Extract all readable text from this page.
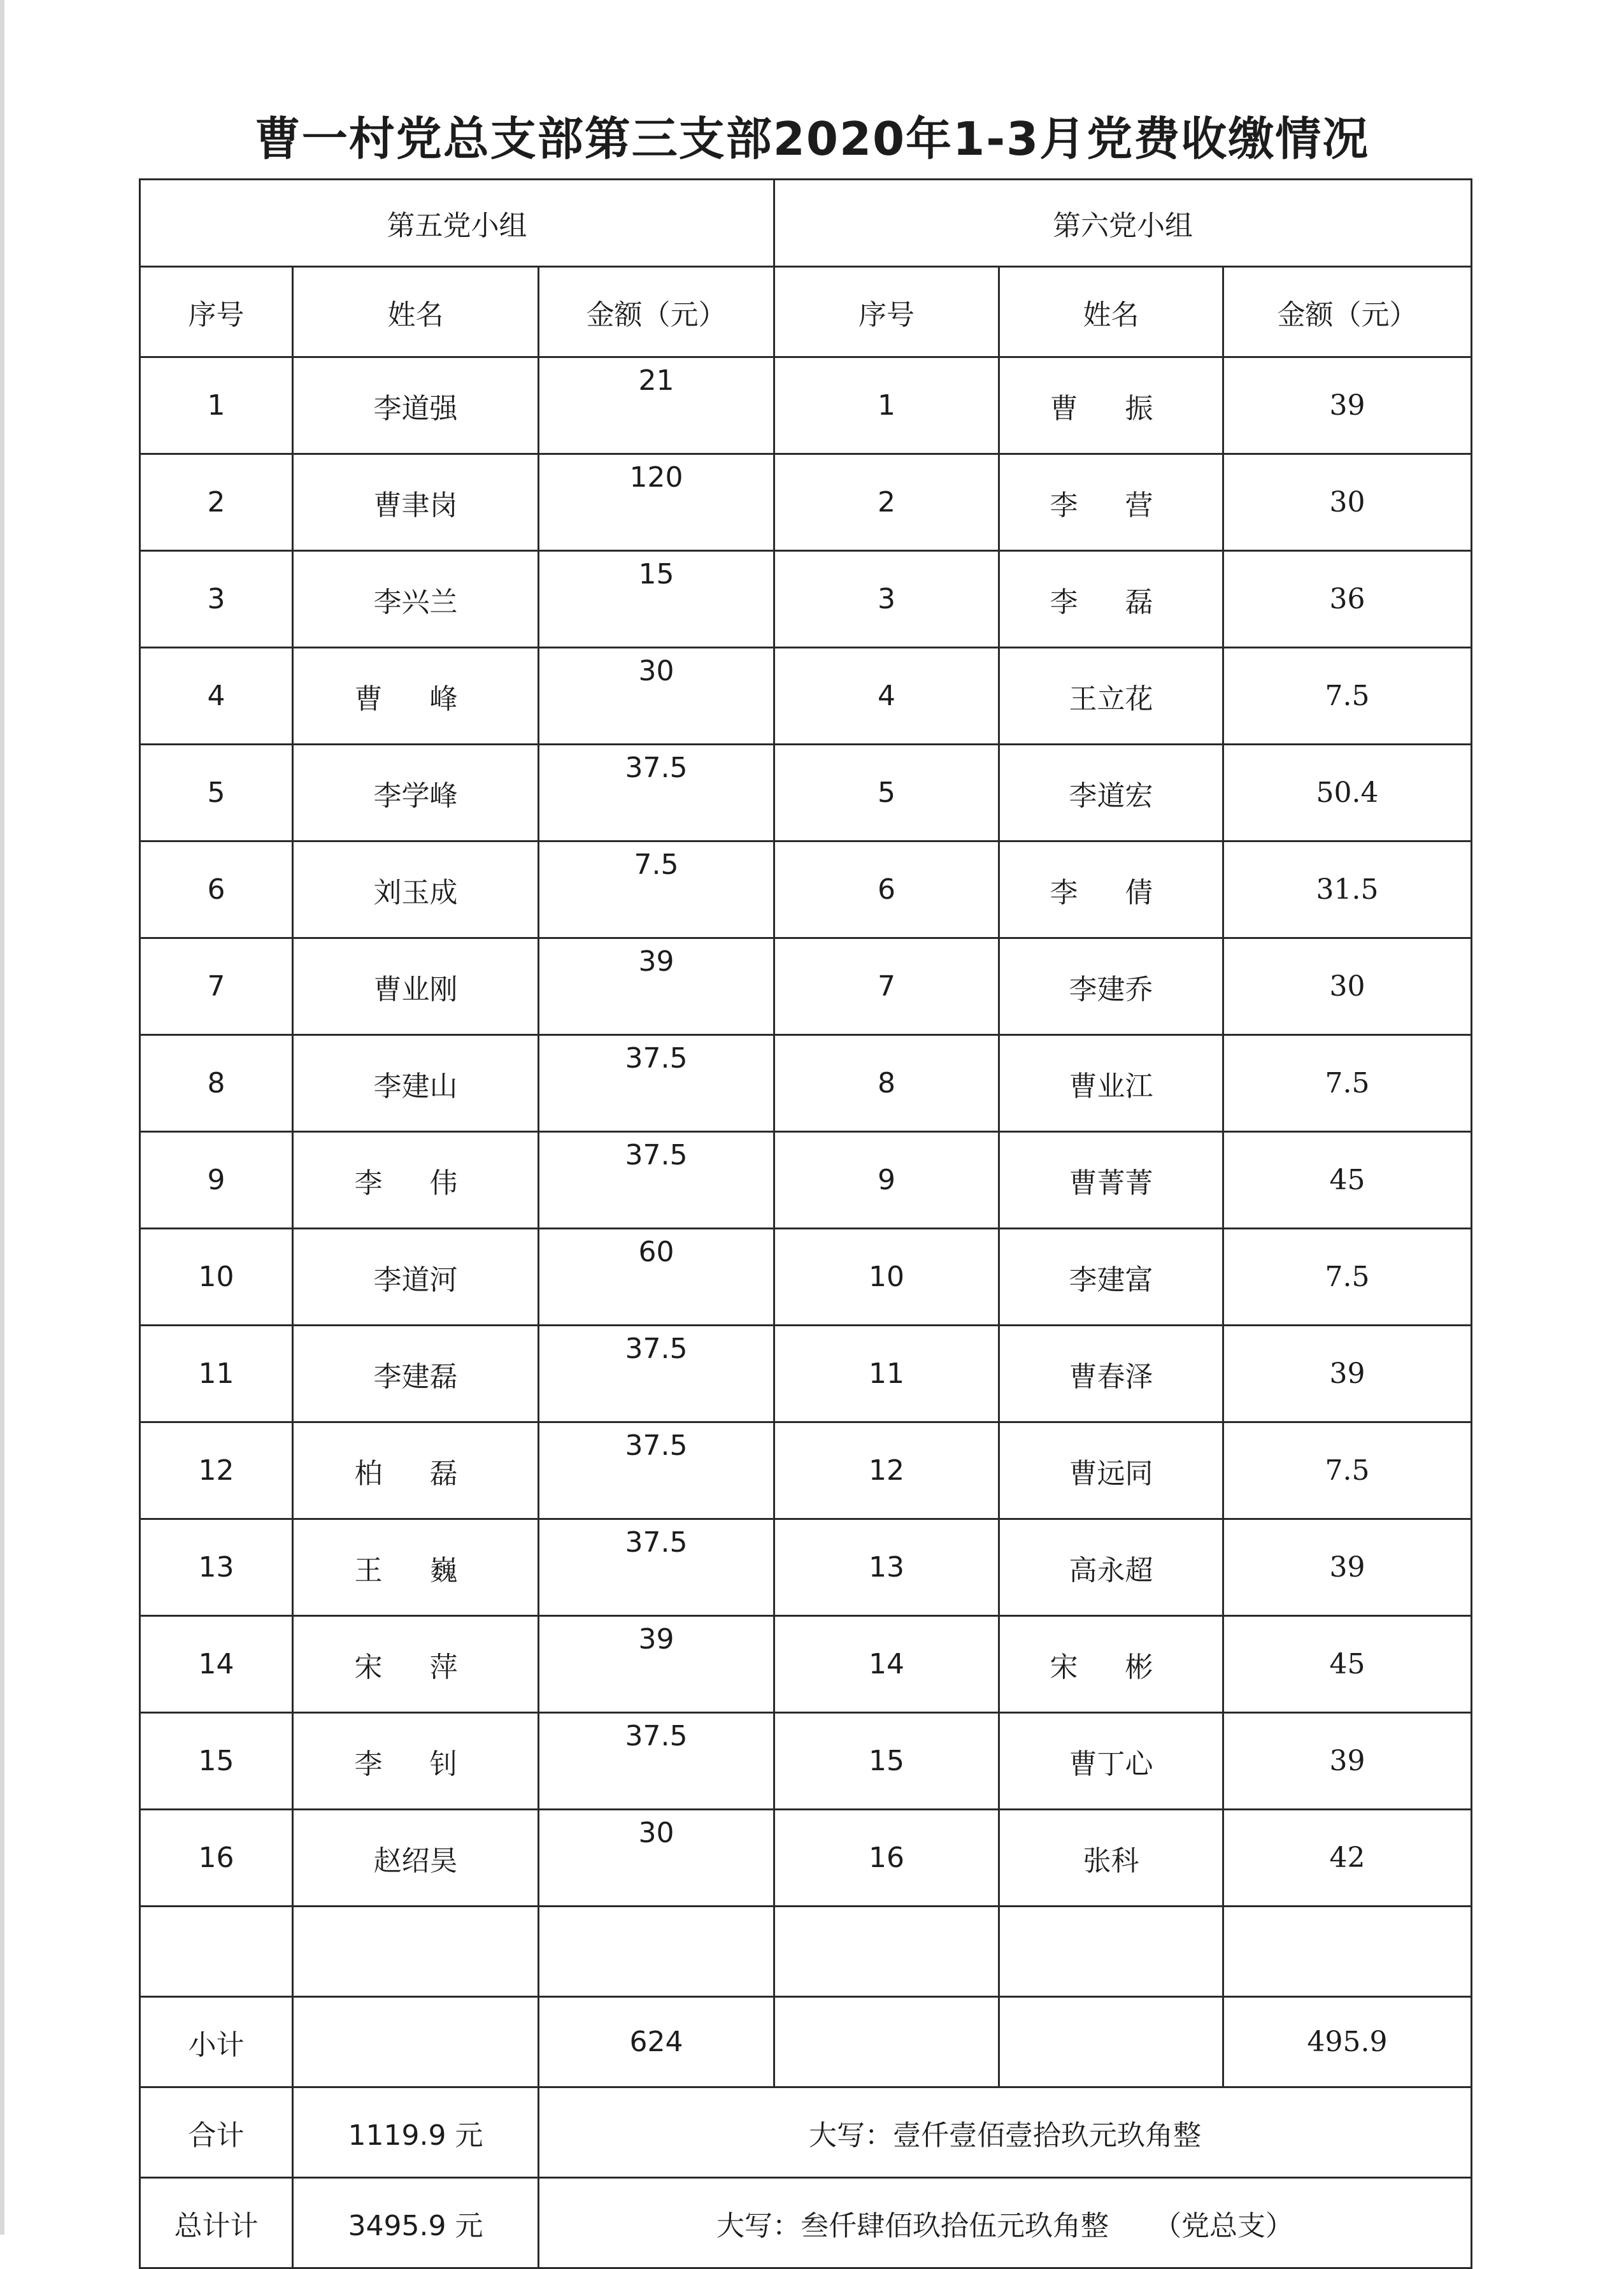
曹一村党总支部第三支部2020年1-3月党费收缴情况
第五党小组			第六党小组		
序号	姓名	金额（元）	序号	姓名	金额（元）
1	李道强	21	1	曹 振	39
2	曹聿岗	120	2	李 营	30
3	李兴兰	15	3	李 磊	36
4	曹 峰	30	4	王立花	7.5
5	李学峰	37.5	5	李道宏	50.4
6	刘玉成	7.5	6	李 倩	31.5
7	曹业刚	39	7	李建乔	30
8	李建山	37.5	8	曹业江	7.5
9	李 伟	37.5	9	曹菁菁	45
10	李道河	60	10	李建富	7.5
11	李建磊	37.5	11	曹春泽	39
12	柏 磊	37.5	12	曹远同	7.5
13	王 巍	37.5	13	高永超	39
14	宋 萍	39	14	宋 彬	45
15	李 钊	37.5	15	曹丁心	39
16	赵绍昊	30	16	张科	42

小计		624			495.9
合计	1119.9 元	大写：壹仟壹佰壹拾玖元玖角整			
总计计	3495.9 元	大写：叁仟肆佰玖拾伍元玖角整 （党总支）			
